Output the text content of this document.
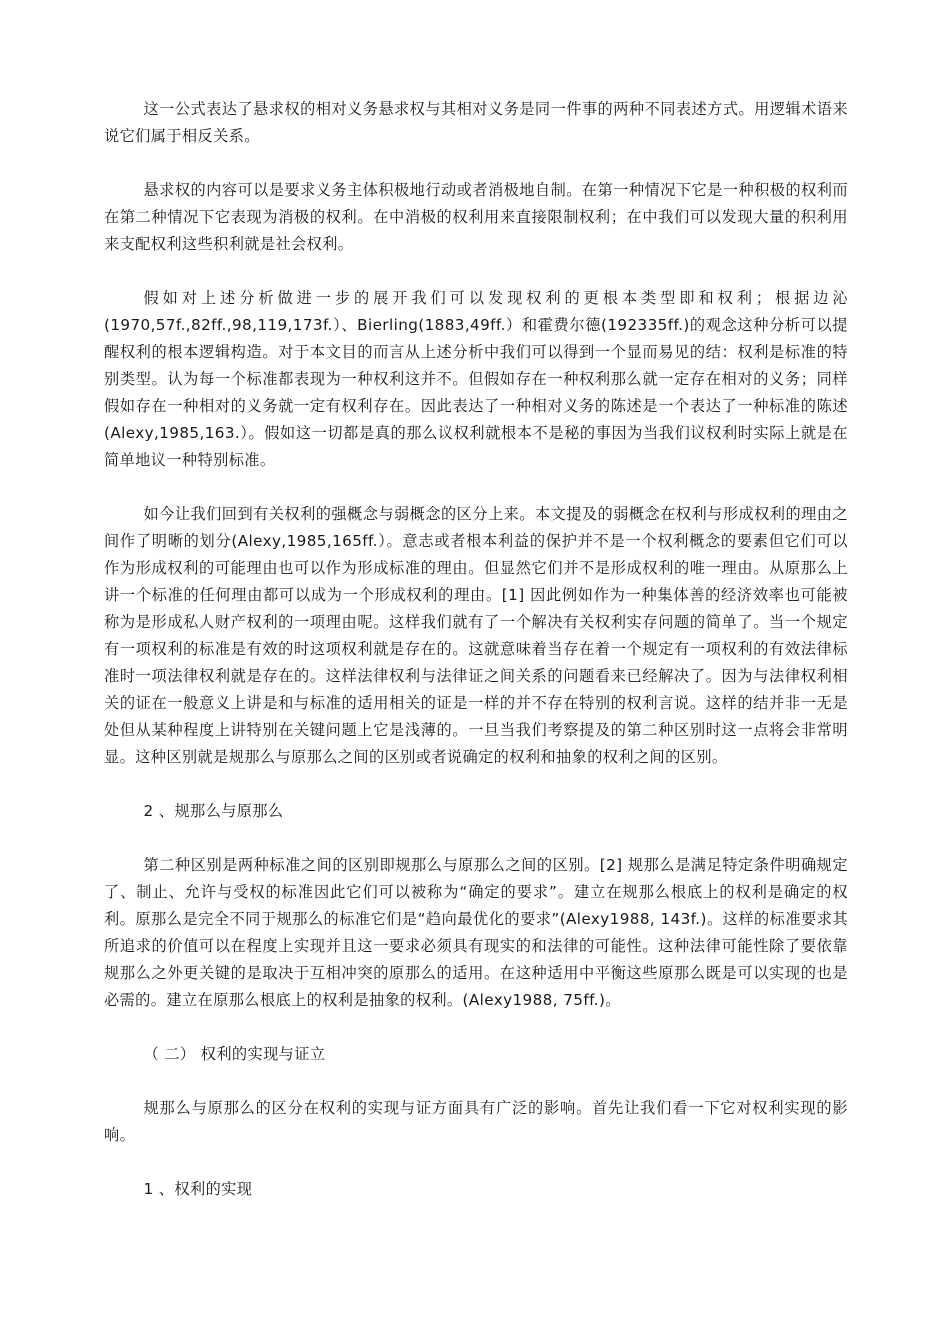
这一公式表达了悬求权的相对义务悬求权与其相对义务是同一件事的两种不同表述方式。用逻辑术语来说它们属于相反关系。

悬求权的内容可以是要求义务主体积极地行动或者消极地自制。在第一种情况下它是一种积极的权利而在第二种情况下它表现为消极的权利。在中消极的权利用来直接限制权利；在中我们可以发现大量的积利用来支配权利这些积利就是社会权利。

假如对上述分析做进一步的展开我们可以发现权利的更根本类型即和权利；根据边沁(1970,57f.,82ff.,98,119,173f.）、Bierling(1883,49ff.）和霍费尔德(192335ff.)的观念这种分析可以提醒权利的根本逻辑构造。对于本文目的而言从上述分析中我们可以得到一个显而易见的结：权利是标准的特别类型。认为每一个标准都表现为一种权利这并不。但假如存在一种权利那么就一定存在相对的义务；同样假如存在一种相对的义务就一定有权利存在。因此表达了一种相对义务的陈述是一个表达了一种标准的陈述(Alexy,1985,163.）。假如这一切都是真的那么议权利就根本不是秘的事因为当我们议权利时实际上就是在简单地议一种特别标准。

如今让我们回到有关权利的强概念与弱概念的区分上来。本文提及的弱概念在权利与形成权利的理由之间作了明晰的划分(Alexy,1985,165ff.）。意志或者根本利益的保护并不是一个权利概念的要素但它们可以作为形成权利的可能理由也可以作为形成标准的理由。但显然它们并不是形成权利的唯一理由。从原那么上讲一个标准的任何理由都可以成为一个形成权利的理由。[1] 因此例如作为一种集体善的经济效率也可能被称为是形成私人财产权利的一项理由呢。这样我们就有了一个解决有关权利实存问题的简单了。当一个规定有一项权利的标准是有效的时这项权利就是存在的。这就意味着当存在着一个规定有一项权利的有效法律标准时一项法律权利就是存在的。这样法律权利与法律证之间关系的问题看来已经解决了。因为与法律权利相关的证在一般意义上讲是和与标准的适用相关的证是一样的并不存在特别的权利言说。这样的结并非一无是处但从某种程度上讲特别在关键问题上它是浅薄的。一旦当我们考察提及的第二种区别时这一点将会非常明显。这种区别就是规那么与原那么之间的区别或者说确定的权利和抽象的权利之间的区别。

2 、规那么与原那么

第二种区别是两种标准之间的区别即规那么与原那么之间的区别。[2] 规那么是满足特定条件明确规定了、制止、允许与受权的标准因此它们可以被称为“确定的要求”。建立在规那么根底上的权利是确定的权利。原那么是完全不同于规那么的标准它们是“趋向最优化的要求”(Alexy1988, 143f.)。这样的标准要求其所追求的价值可以在程度上实现并且这一要求必须具有现实的和法律的可能性。这种法律可能性除了要依靠规那么之外更关键的是取决于互相冲突的原那么的适用。在这种适用中平衡这些原那么既是可以实现的也是必需的。建立在原那么根底上的权利是抽象的权利。(Alexy1988, 75ff.)。

（ 二） 权利的实现与证立

规那么与原那么的区分在权利的实现与证方面具有广泛的影响。首先让我们看一下它对权利实现的影响。

1 、权利的实现
